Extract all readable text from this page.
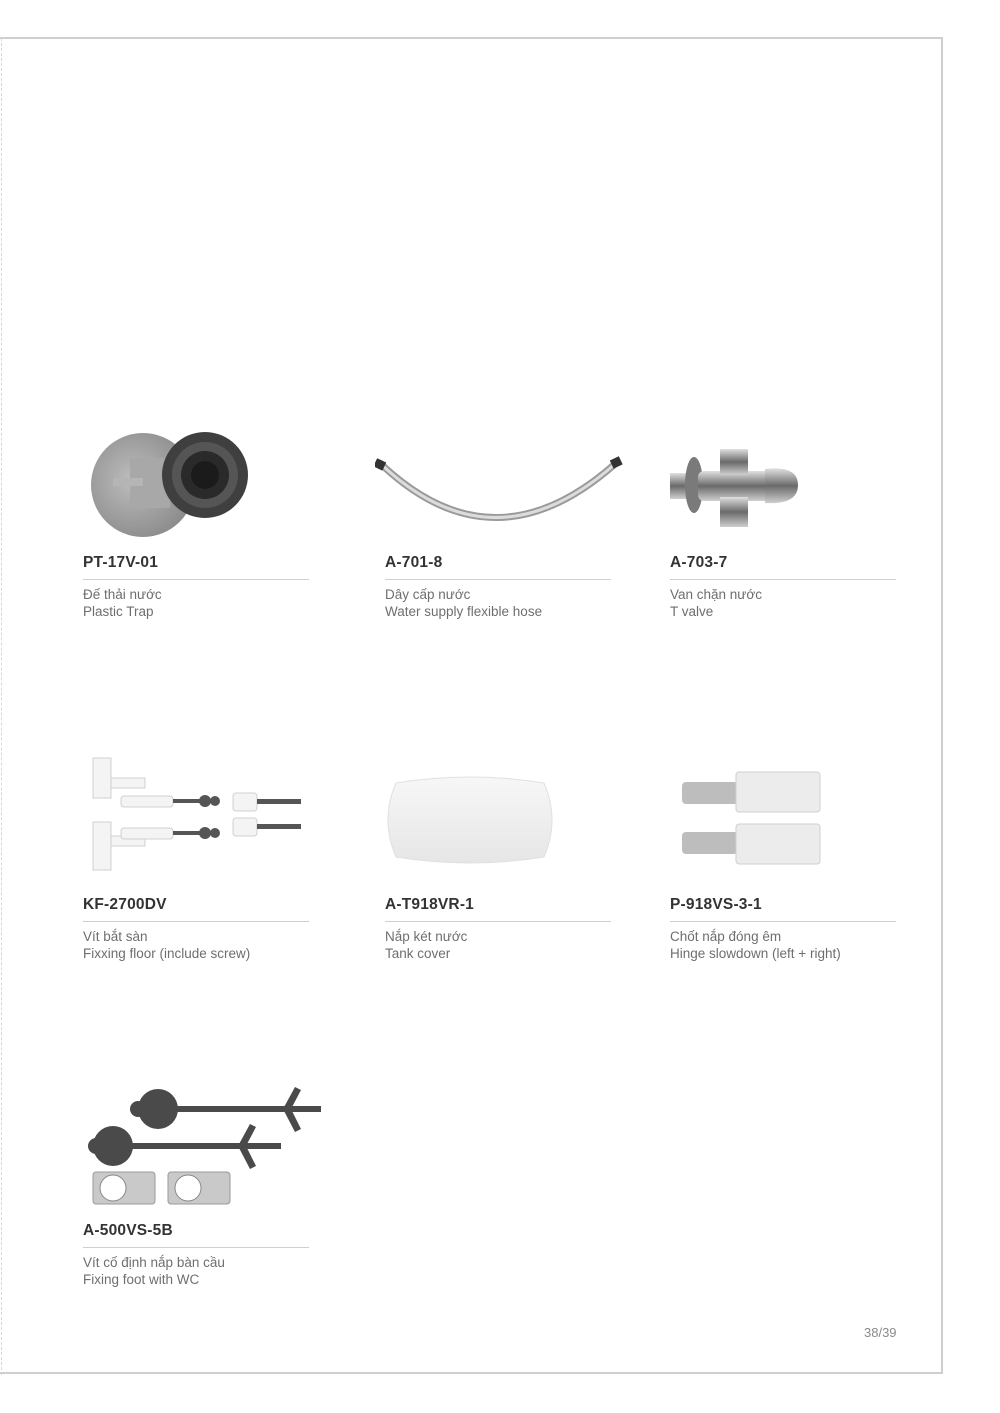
PT-17V-01
Đế thải nước
Plastic Trap
A-701-8
Dây cấp nước
Water supply flexible hose
A-703-7
Van chặn nước
T valve
KF-2700DV
Vít bắt sàn
Fixxing floor (include screw)
A-T918VR-1
Nắp két nước
Tank cover
P-918VS-3-1
Chốt nắp đóng êm
Hinge slowdown (left + right)
A-500VS-5B
Vít cố định nắp bàn cầu
Fixing foot with WC
38/39
